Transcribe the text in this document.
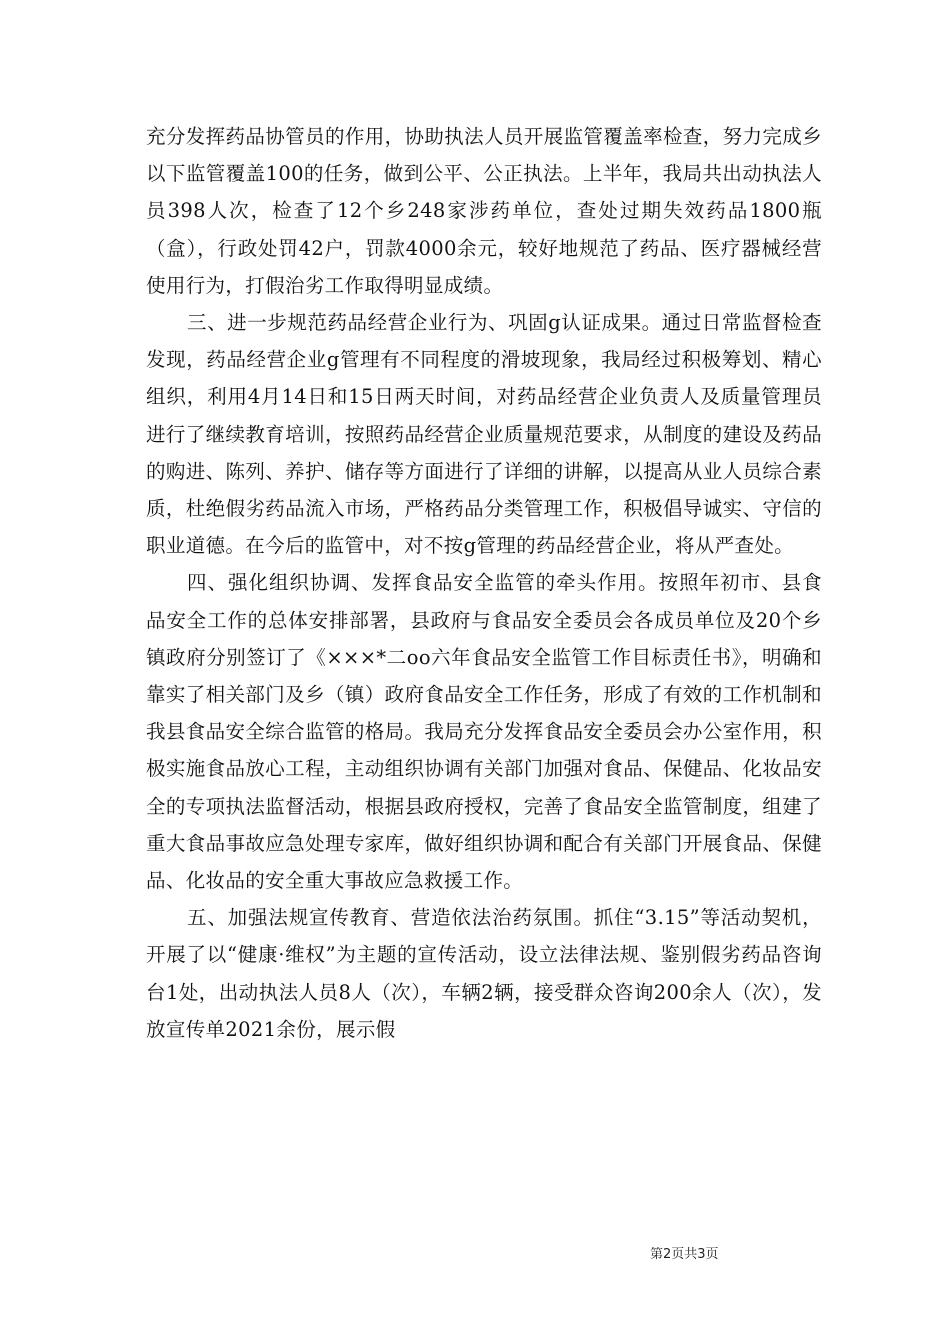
充分发挥药品协管员的作用，协助执法人员开展监管覆盖率检查，努力完成乡以下监管覆盖100的任务，做到公平、公正执法。上半年，我局共出动执法人员398人次，检查了12个乡248家涉药单位，查处过期失效药品1800瓶（盒），行政处罚42户，罚款4000余元，较好地规范了药品、医疗器械经营使用行为，打假治劣工作取得明显成绩。

三、进一步规范药品经营企业行为、巩固g认证成果。通过日常监督检查发现，药品经营企业g管理有不同程度的滑坡现象，我局经过积极筹划、精心组织，利用4月14日和15日两天时间，对药品经营企业负责人及质量管理员进行了继续教育培训，按照药品经营企业质量规范要求，从制度的建设及药品的购进、陈列、养护、储存等方面进行了详细的讲解，以提高从业人员综合素质，杜绝假劣药品流入市场，严格药品分类管理工作，积极倡导诚实、守信的职业道德。在今后的监管中，对不按g管理的药品经营企业，将从严查处。

四、强化组织协调、发挥食品安全监管的牵头作用。按照年初市、县食品安全工作的总体安排部署，县政府与食品安全委员会各成员单位及20个乡镇政府分别签订了《×××*二oo六年食品安全监管工作目标责任书》，明确和靠实了相关部门及乡（镇）政府食品安全工作任务，形成了有效的工作机制和我县食品安全综合监管的格局。我局充分发挥食品安全委员会办公室作用，积极实施食品放心工程，主动组织协调有关部门加强对食品、保健品、化妆品安全的专项执法监督活动，根据县政府授权，完善了食品安全监管制度，组建了重大食品事故应急处理专家库，做好组织协调和配合有关部门开展食品、保健品、化妆品的安全重大事故应急救援工作。

五、加强法规宣传教育、营造依法治药氛围。抓住“3.15”等活动契机，开展了以“健康·维权”为主题的宣传活动，设立法律法规、鉴别假劣药品咨询台1处，出动执法人员8人（次），车辆2辆，接受群众咨询200余人（次），发放宣传单2021余份，展示假

第2页共3页
